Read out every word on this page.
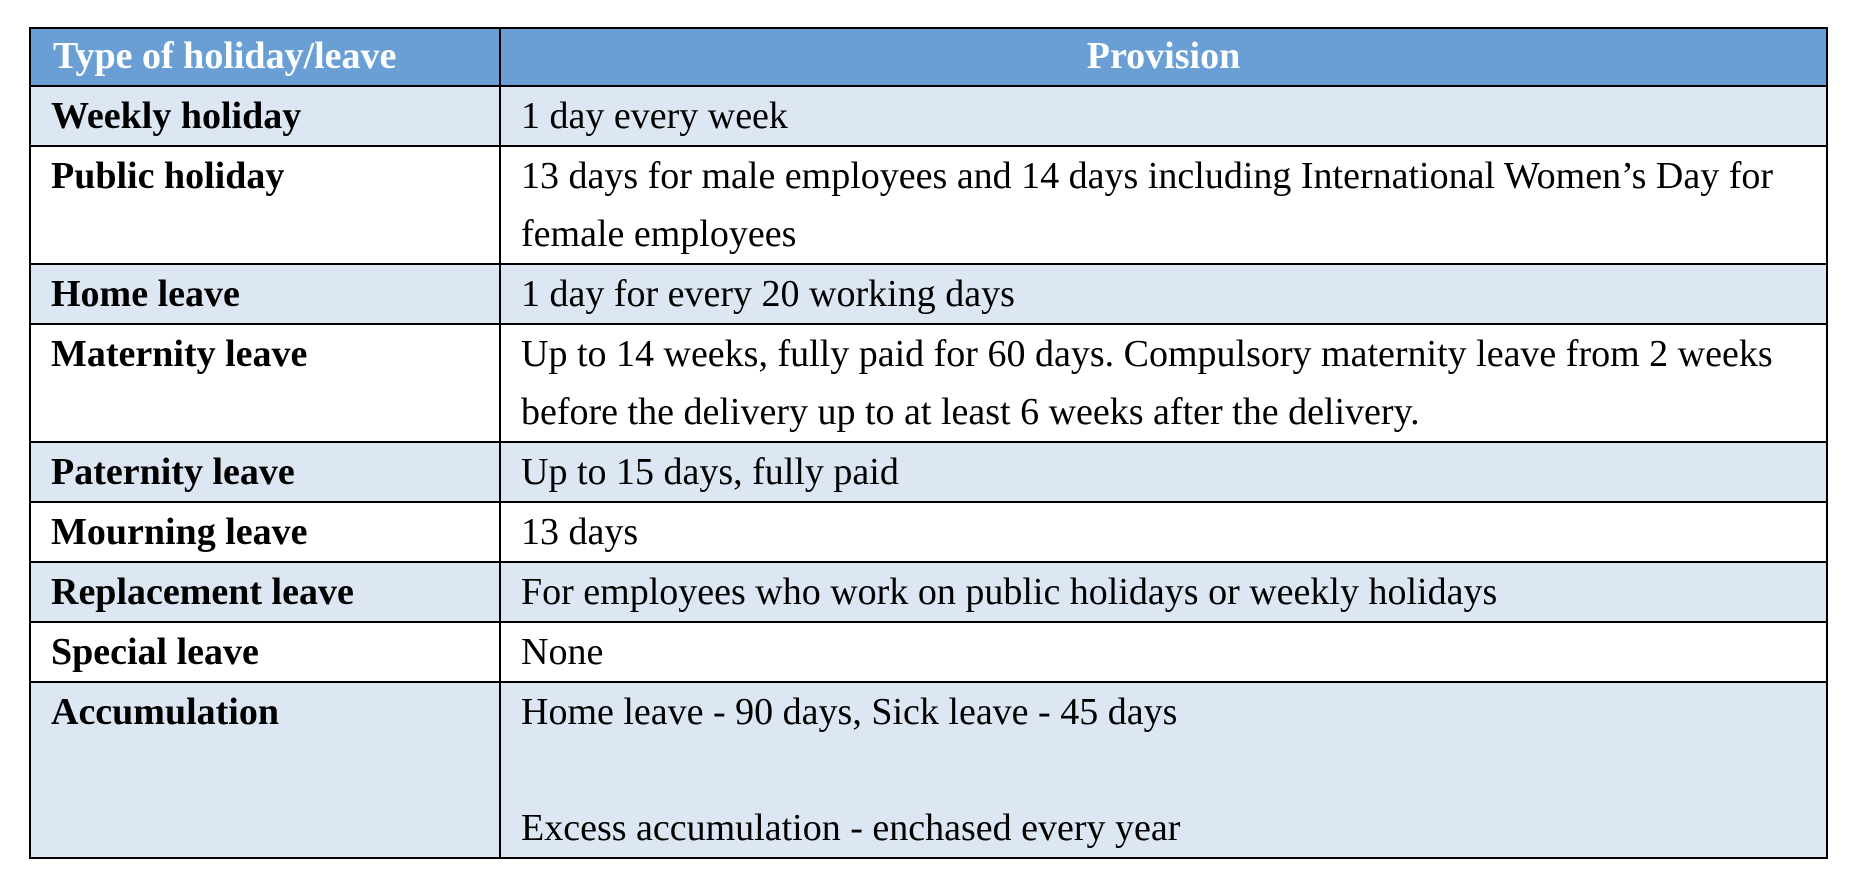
Type of holiday/leave	Provision
Weekly holiday	1 day every week
Public holiday	13 days for male employees and 14 days including International Women’s Day for female employees
Home leave	1 day for every 20 working days
Maternity leave	Up to 14 weeks, fully paid for 60 days. Compulsory maternity leave from 2 weeks before the delivery up to at least 6 weeks after the delivery.
Paternity leave	Up to 15 days, fully paid
Mourning leave	13 days
Replacement leave	For employees who work on public holidays or weekly holidays
Special leave	None
Accumulation	Home leave - 90 days, Sick leave - 45 days
Excess accumulation - enchased every year
